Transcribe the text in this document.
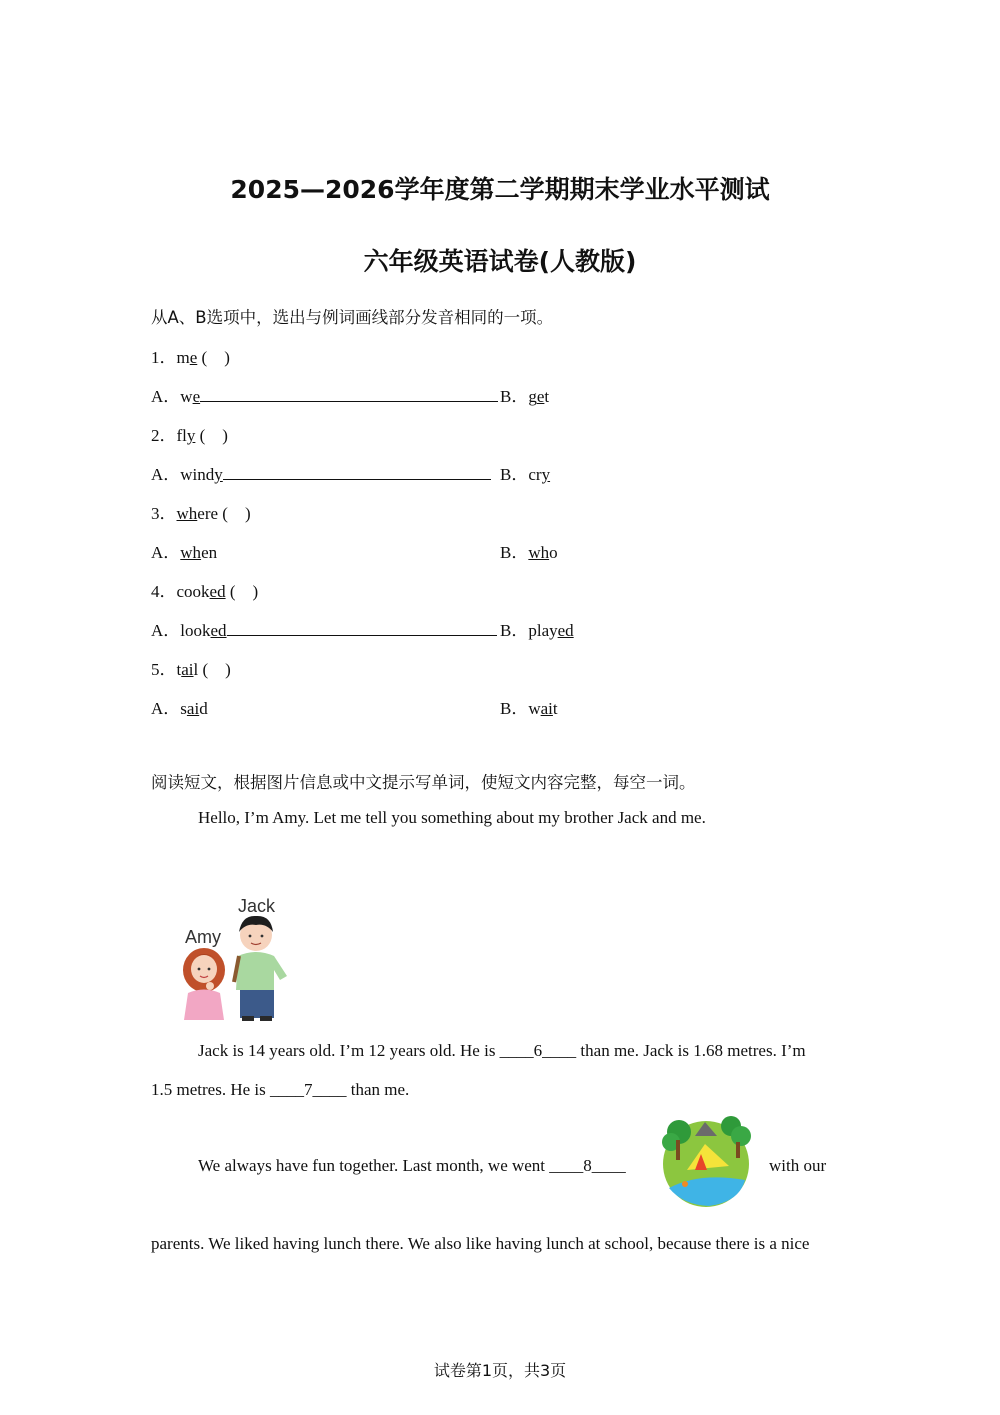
2025—2026学年度第二学期期末学业水平测试
六年级英语试卷(人教版)
从A、B选项中，选出与例词画线部分发音相同的一项。
1．me (　)
A．we	B．get
2．fly (　)
A．windy	B．cry
3．where (　)
A．when	B．who
4．cooked (　)
A．looked	B．played
5．tail (　)
A．said	B．wait
阅读短文，根据图片信息或中文提示写单词，使短文内容完整，每空一词。
Hello, I’m Amy. Let me tell you something about my brother Jack and me.
Amy
Jack
Jack is 14 years old. I’m 12 years old. He is ____6____ than me. Jack is 1.68 metres. I’m
1.5 metres. He is ____7____ than me.
We always have fun together. Last month, we went ____8____	with our
parents. We liked having lunch there. We also like having lunch at school, because there is a nice
试卷第1页，共3页
